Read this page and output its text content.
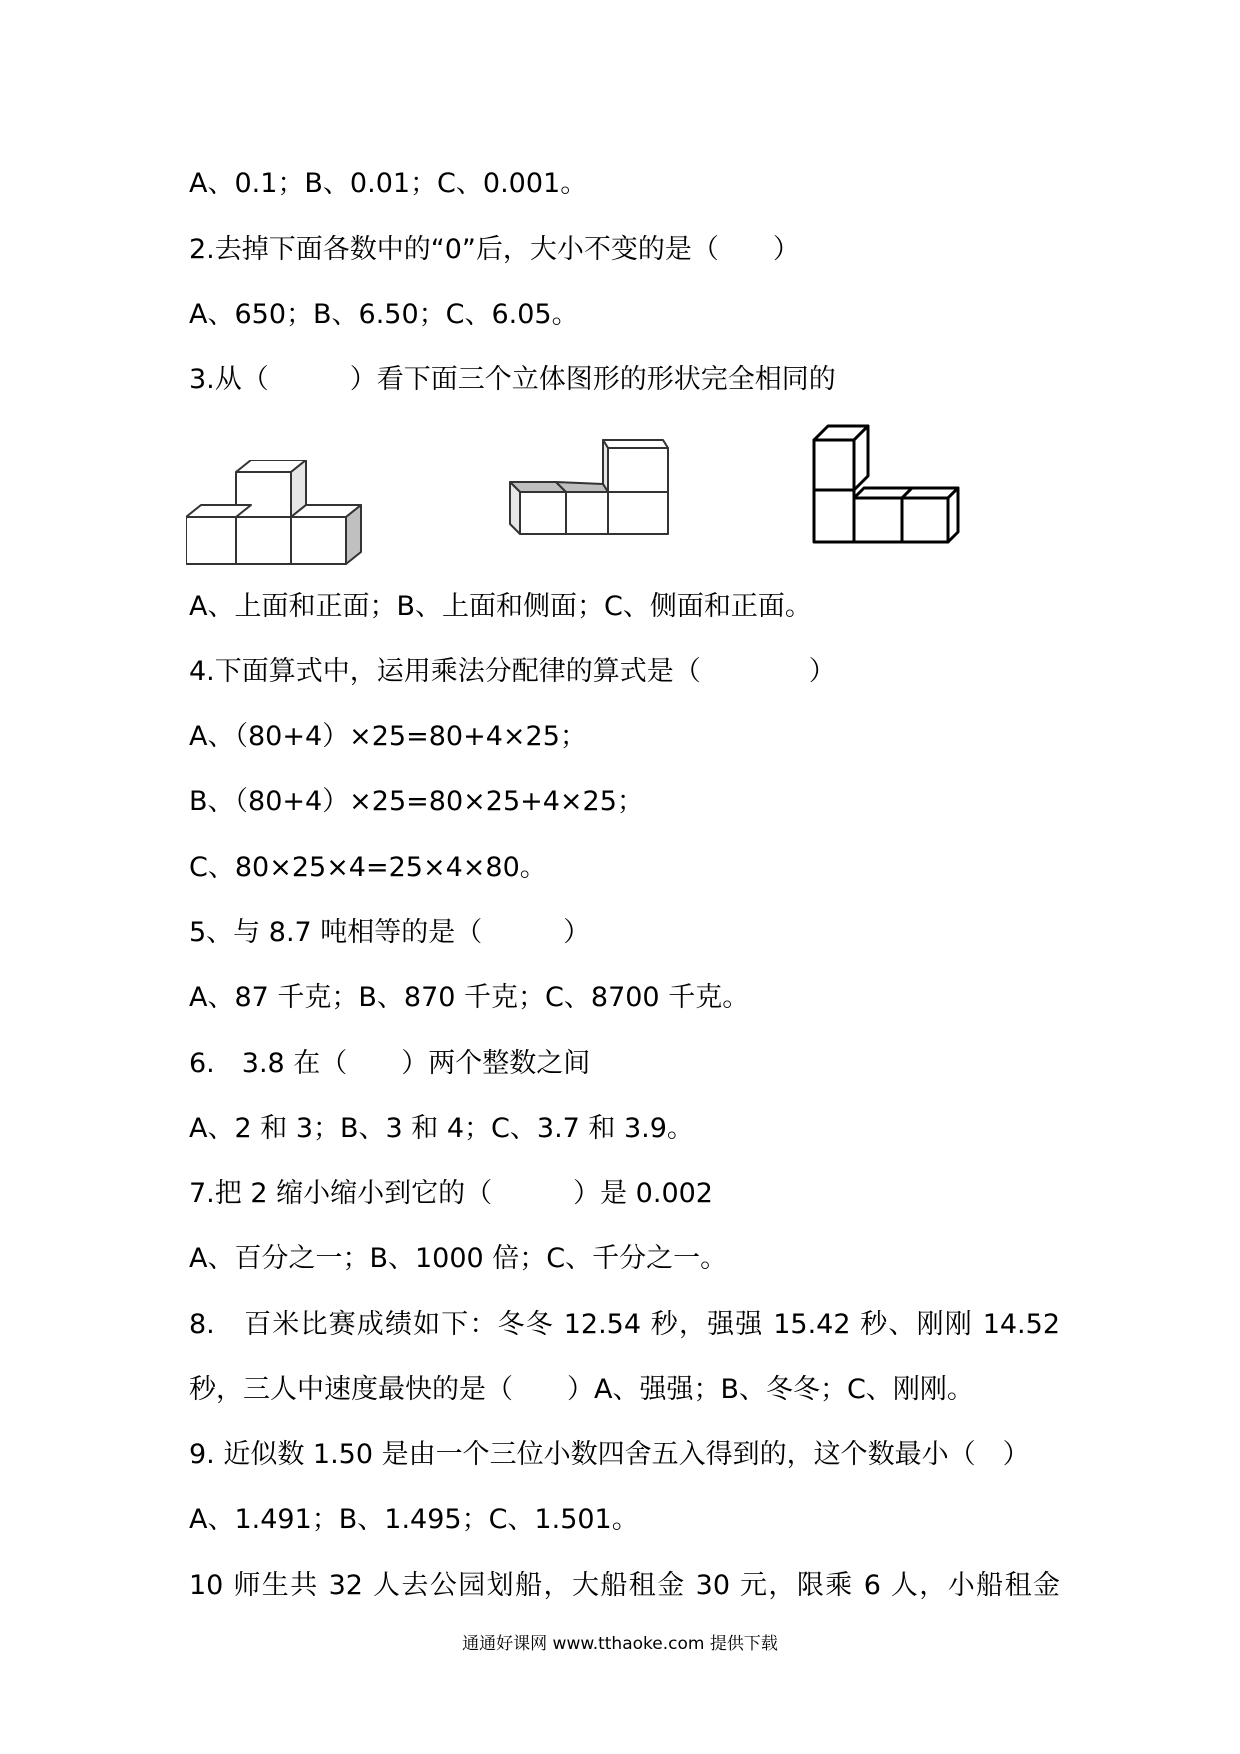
A、0.1；B、0.01；C、0.001。
2.去掉下面各数中的“0”后，大小不变的是（　　）
A、650；B、6.50；C、6.05。
3.从（　　　）看下面三个立体图形的形状完全相同的
A、上面和正面；B、上面和侧面；C、侧面和正面。
4.下面算式中，运用乘法分配律的算式是（　　　　）
A、（80+4）×25=80+4×25；
B、（80+4）×25=80×25+4×25；
C、80×25×4=25×4×80。
5、与 8.7 吨相等的是（　　　）
A、87 千克；B、870 千克；C、8700 千克。
6.　3.8 在（　　）两个整数之间
A、2 和 3；B、3 和 4；C、3.7 和 3.9。
7.把 2 缩小缩小到它的（　　　）是 0.002
A、百分之一；B、1000 倍；C、千分之一。
8.　百米比赛成绩如下：冬冬 12.54 秒，强强 15.42 秒、刚刚 14.52
秒，三人中速度最快的是（　　）A、强强；B、冬冬；C、刚刚。
9. 近似数 1.50 是由一个三位小数四舍五入得到的，这个数最小（　）
A、1.491；B、1.495；C、1.501。
10 师生共 32 人去公园划船，大船租金 30 元，限乘 6 人，小船租金
通通好课网 www.tthaoke.com 提供下载
